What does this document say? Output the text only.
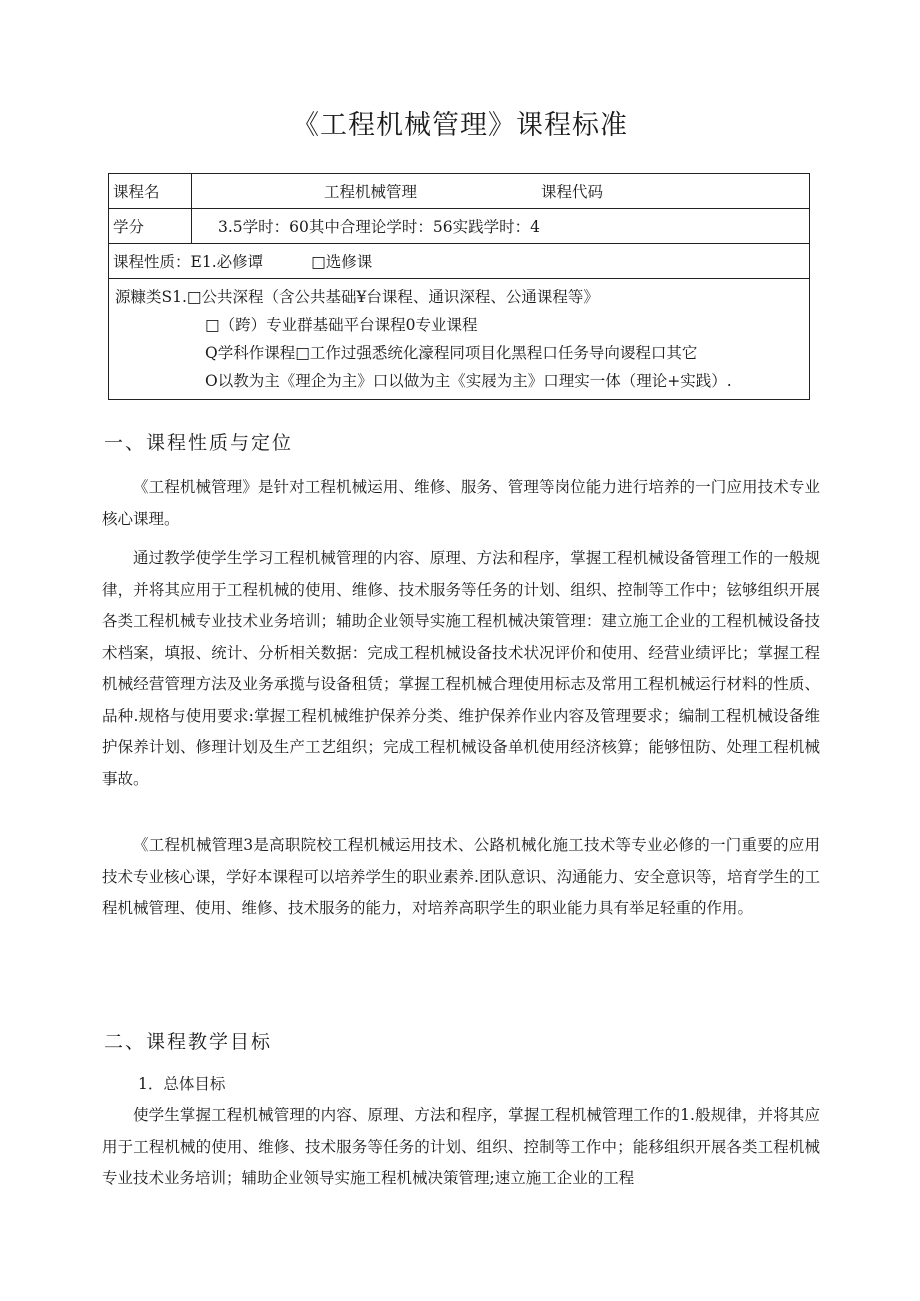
《工程机械管理》课程标准
课程名	工程机械管理 课程代码
学分	3.5学时：60其中合理论学时：56实践学时：4
课程性质：E1.必修谭 □选修课	

源糠类S1.□公共深程（含公共基础¥台课程、通识深程、公通课程等》
□（跨）专业群基础平台课程0专业课程
Q学科作课程□工作过强悉统化濠程同项目化黑程口任务导向谡程口其它
O以教为主《理企为主》口以做为主《实屐为主》口理实一体（理论+实践）.	
一、课程性质与定位

《工程机械管理》是针对工程机械运用、维修、服务、管理等岗位能力进行培养的一门应用技术专业核心课理。

通过教学使学生学习工程机械管理的内容、原理、方法和程序，掌握工程机械设备管理工作的一般规律，并将其应用于工程机械的使用、维修、技术服务等任务的计划、组织、控制等工作中；铉够组织开展各类工程机械专业技术业务培训；辅助企业领导实施工程机械决策管理：建立施工企业的工程机械设备技术档案，填报、统计、分析相关数据：完成工程机械设备技术状况评价和使用、经营业绩评比；掌握工程机械经营管理方法及业务承揽与设备租赁；掌握工程机械合理使用标志及常用工程机械运行材料的性质、品种.规格与使用要求:掌握工程机械维护保养分类、维护保养作业内容及管理要求；编制工程机械设备维护保养计划、修理计划及生产工艺组织；完成工程机械设备单机使用经济核算；能够忸防、处理工程机械事故。

《工程机械管理3是高职院校工程机械运用技术、公路机械化施工技术等专业必修的一门重要的应用技术专业核心课，学好本课程可以培养学生的职业素养.团队意识、沟通能力、安全意识等，培育学生的工程机械管理、使用、维修、技术服务的能力，对培养高职学生的职业能力具有举足轻重的作用。

二、课程教学目标
1．总体目标

使学生掌握工程机械管理的内容、原理、方法和程序，掌握工程机械管理工作的1.般规律，并将其应用于工程机械的使用、维修、技术服务等任务的计划、组织、控制等工作中；能移组织开展各类工程机械专业技术业务培训；辅助企业领导实施工程机械决策管理;速立施工企业的工程
